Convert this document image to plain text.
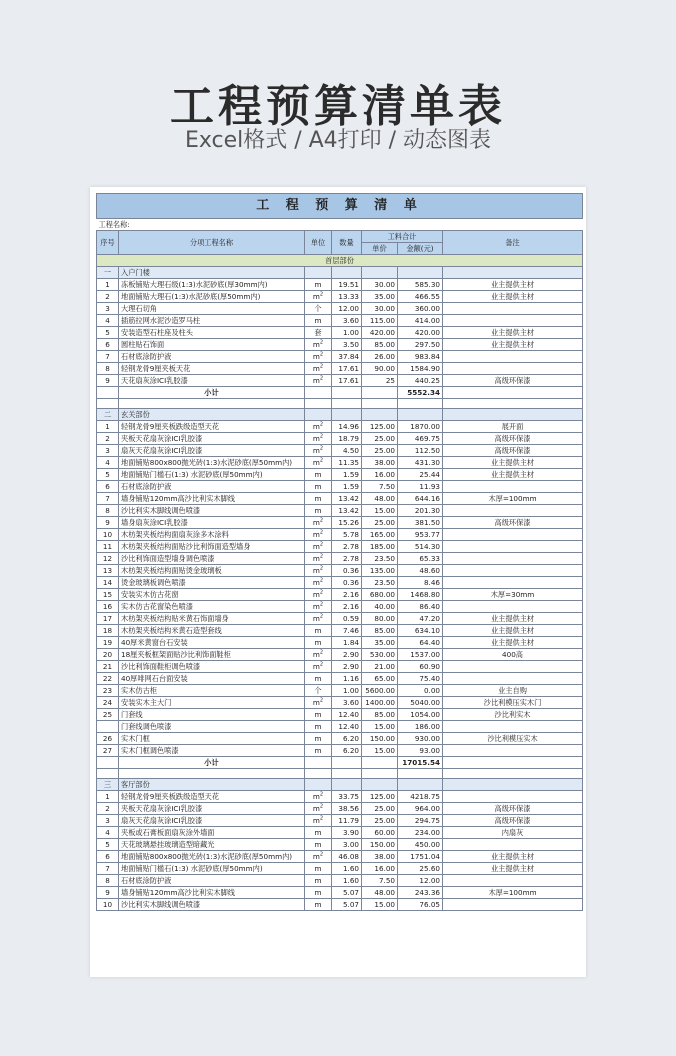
工程预算清单表
Excel格式 / A4打印 / 动态图表
工 程 预 算 清 单						
工程名称:						
序号	分项工程名称	单位	数量	工料合计		备注
				单价	金额(元)	
首层部份						
一	入户门楼					
1	冻板铺贴大理石级(1:3)水泥砂底(厚30mm内)	m	19.51	30.00	585.30	业主提供主材
2	地面铺贴大理石(1:3)水泥砂底(厚50mm内)	$m^2$	13.33	35.00	466.55	业主提供主材
3	大理石切角	个	12.00	30.00	360.00	
4	插筋拉网水泥沙造罗马柱	m	3.60	115.00	414.00	
5	安装造型石柱座及柱头	套	1.00	420.00	420.00	业主提供主材
6	圆柱贴石饰面	$m^2$	3.50	85.00	297.50	业主提供主材
7	石材底涂防护液	$m^2$	37.84	26.00	983.84	
8	轻钢龙骨9厘夹板天花	$m^2$	17.61	90.00	1584.90	
9	天花扇灰涂ICI乳胶漆	$m^2$	17.61	25	440.25	高级环保漆
	小计				5552.34	

二	玄关部份					
1	轻钢龙骨9厘夹板跌级造型天花	$m^2$	14.96	125.00	1870.00	展开面
2	夹板天花扇灰涂ICI乳胶漆	$m^2$	18.79	25.00	469.75	高级环保漆
3	扇灰天花扇灰涂ICI乳胶漆	$m^2$	4.50	25.00	112.50	高级环保漆
4	地面铺贴800x800抛光砖(1:3)水泥砂底(厚50mm内)	$m^2$	11.35	38.00	431.30	业主提供主材
5	地面铺贴门槛石(1:3) 水泥砂底(厚50mm内)	m	1.59	16.00	25.44	业主提供主材
6	石材底涂防护液	m	1.59	7.50	11.93	
7	墙身铺贴120mm高沙比利实木脚线	m	13.42	48.00	644.16	木厚=100mm
8	沙比利实木脚线调色喷漆	m	13.42	15.00	201.30	
9	墙身扇灰涂ICI乳胶漆	$m^2$	15.26	25.00	381.50	高级环保漆
10	木枋架夹板结构面扇灰涂多木涂料	$m^2$	5.78	165.00	953.77	
11	木枋架夹板结构面贴沙比利饰面造型墙身	$m^2$	2.78	185.00	514.30	
12	沙比利饰面造型墙身调色喷漆	$m^2$	2.78	23.50	65.33	
13	木枋架夹板结构面贴烫金玻璃板	$m^2$	0.36	135.00	48.60	
14	烫金玻璃板调色喷漆	$m^2$	0.36	23.50	8.46	
15	安装实木仿古花窗	$m^2$	2.16	680.00	1468.80	木厚=30mm
16	实木仿古花窗染色喷漆	$m^2$	2.16	40.00	86.40	
17	木枋架夹板结构贴米黄石饰面墙身	$m^2$	0.59	80.00	47.20	业主提供主材
18	木枋架夹板结构米黄石造型套线	m	7.46	85.00	634.10	业主提供主材
19	40厚米黄窗台石安装	m	1.84	35.00	64.40	业主提供主材
20	18厘夹板框架面贴沙比利饰面鞋柜	$m^2$	2.90	530.00	1537.00	400高
21	沙比利饰面鞋柜调色喷漆	$m^2$	2.90	21.00	60.90	
22	40厚啡网石台面安装	m	1.16	65.00	75.40	
23	实木仿古柜	个	1.00	5600.00	0.00	业主自购
24	安装实木主大门	$m^2$	3.60	1400.00	5040.00	沙比利模压实木门
25	门套线	m	12.40	85.00	1054.00	沙比利实木
	门套线调色喷漆	m	12.40	15.00	186.00	
26	实木门框	m	6.20	150.00	930.00	沙比利模压实木
27	实木门框调色喷漆	m	6.20	15.00	93.00	
	小计				17015.54	

三	客厅部份					
1	轻钢龙骨9厘夹板跌级造型天花	$m^2$	33.75	125.00	4218.75	
2	夹板天花扇灰涂ICI乳胶漆	$m^2$	38.56	25.00	964.00	高级环保漆
3	扇灰天花扇灰涂ICI乳胶漆	$m^2$	11.79	25.00	294.75	高级环保漆
4	夹板或石膏板面扇灰涂外墙面	m	3.90	60.00	234.00	内扇灰
5	天花玻璃悬挂玻璃造型暗藏光	m	3.00	150.00	450.00	
6	地面铺贴800x800抛光砖(1:3)水泥砂底(厚50mm内)	$m^2$	46.08	38.00	1751.04	业主提供主材
7	地面铺贴门槛石(1:3) 水泥砂底(厚50mm内)	m	1.60	16.00	25.60	业主提供主材
8	石材底涂防护液	m	1.60	7.50	12.00	
9	墙身铺贴120mm高沙比利实木脚线	m	5.07	48.00	243.36	木厚=100mm
10	沙比利实木脚线调色喷漆	m	5.07	15.00	76.05	
